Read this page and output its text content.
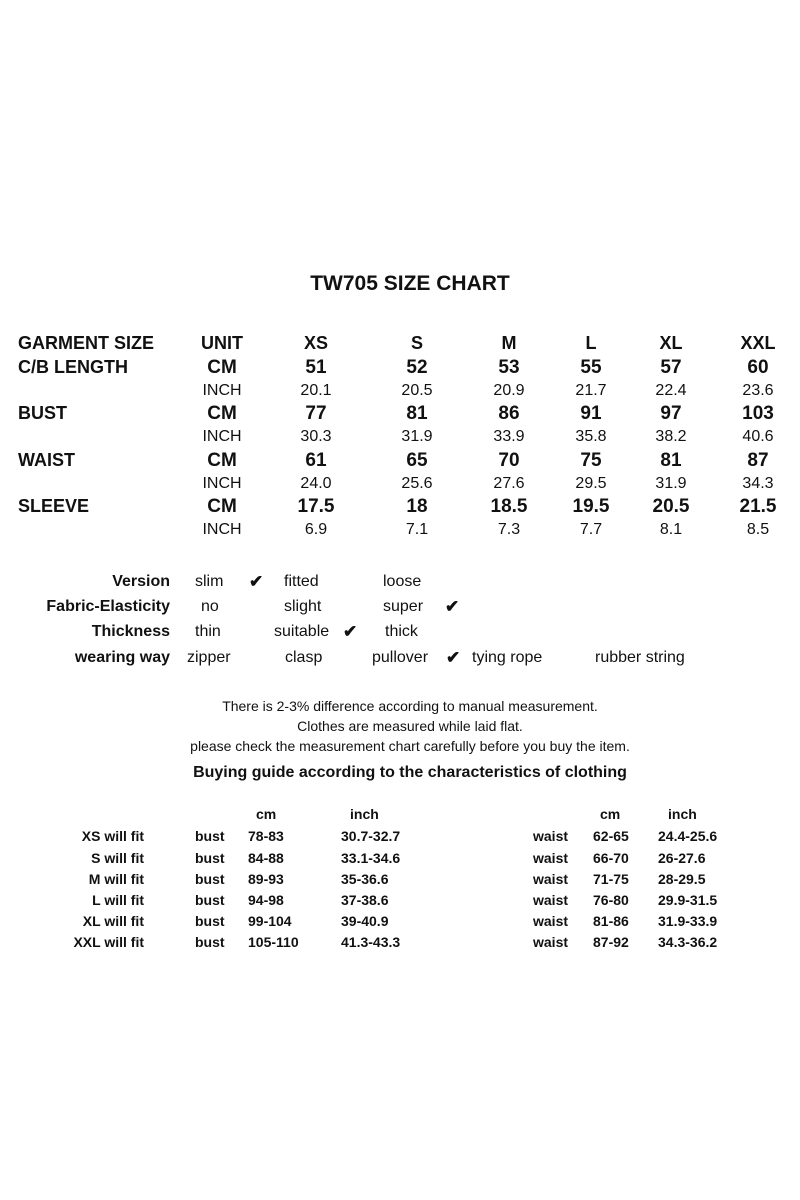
TW705 SIZE CHART
GARMENT SIZE	UNIT	XS	S	M	L	XL	XXL
C/B LENGTH	CM	51	52	53	55	57	60
INCH	20.1	20.5	20.9	21.7	22.4	23.6
BUST	CM	77	81	86	91	97	103
INCH	30.3	31.9	33.9	35.8	38.2	40.6
WAIST	CM	61	65	70	75	81	87
INCH	24.0	25.6	27.6	29.5	31.9	34.3
SLEEVE	CM	17.5	18	18.5	19.5	20.5	21.5
INCH	6.9	7.1	7.3	7.7	8.1	8.5
Version slim ✔ fitted	loose
Fabric-Elasticity no	slight	super ✔
Thickness thin	suitable ✔ thick
wearing way zipper	clasp	pullover ✔ tying rope	rubber string
There is 2-3% difference according to manual measurement.
Clothes are measured while laid flat.
please check the measurement chart carefully before you buy the item.
Buying guide according to the characteristics of clothing
cm	inch	cm	inch
XS will fit	bust 78-83	30.7-32.7	waist 62-65 24.4-25.6
S will fit	bust 84-88	33.1-34.6	waist 66-70 26-27.6
M will fit	bust 89-93	35-36.6	waist 71-75 28-29.5
L will fit	bust 94-98	37-38.6	waist 76-80 29.9-31.5
XL will fit	bust 99-104	39-40.9	waist 81-86 31.9-33.9
XXL will fit	bust 105-110	41.3-43.3	waist 87-92 34.3-36.2
